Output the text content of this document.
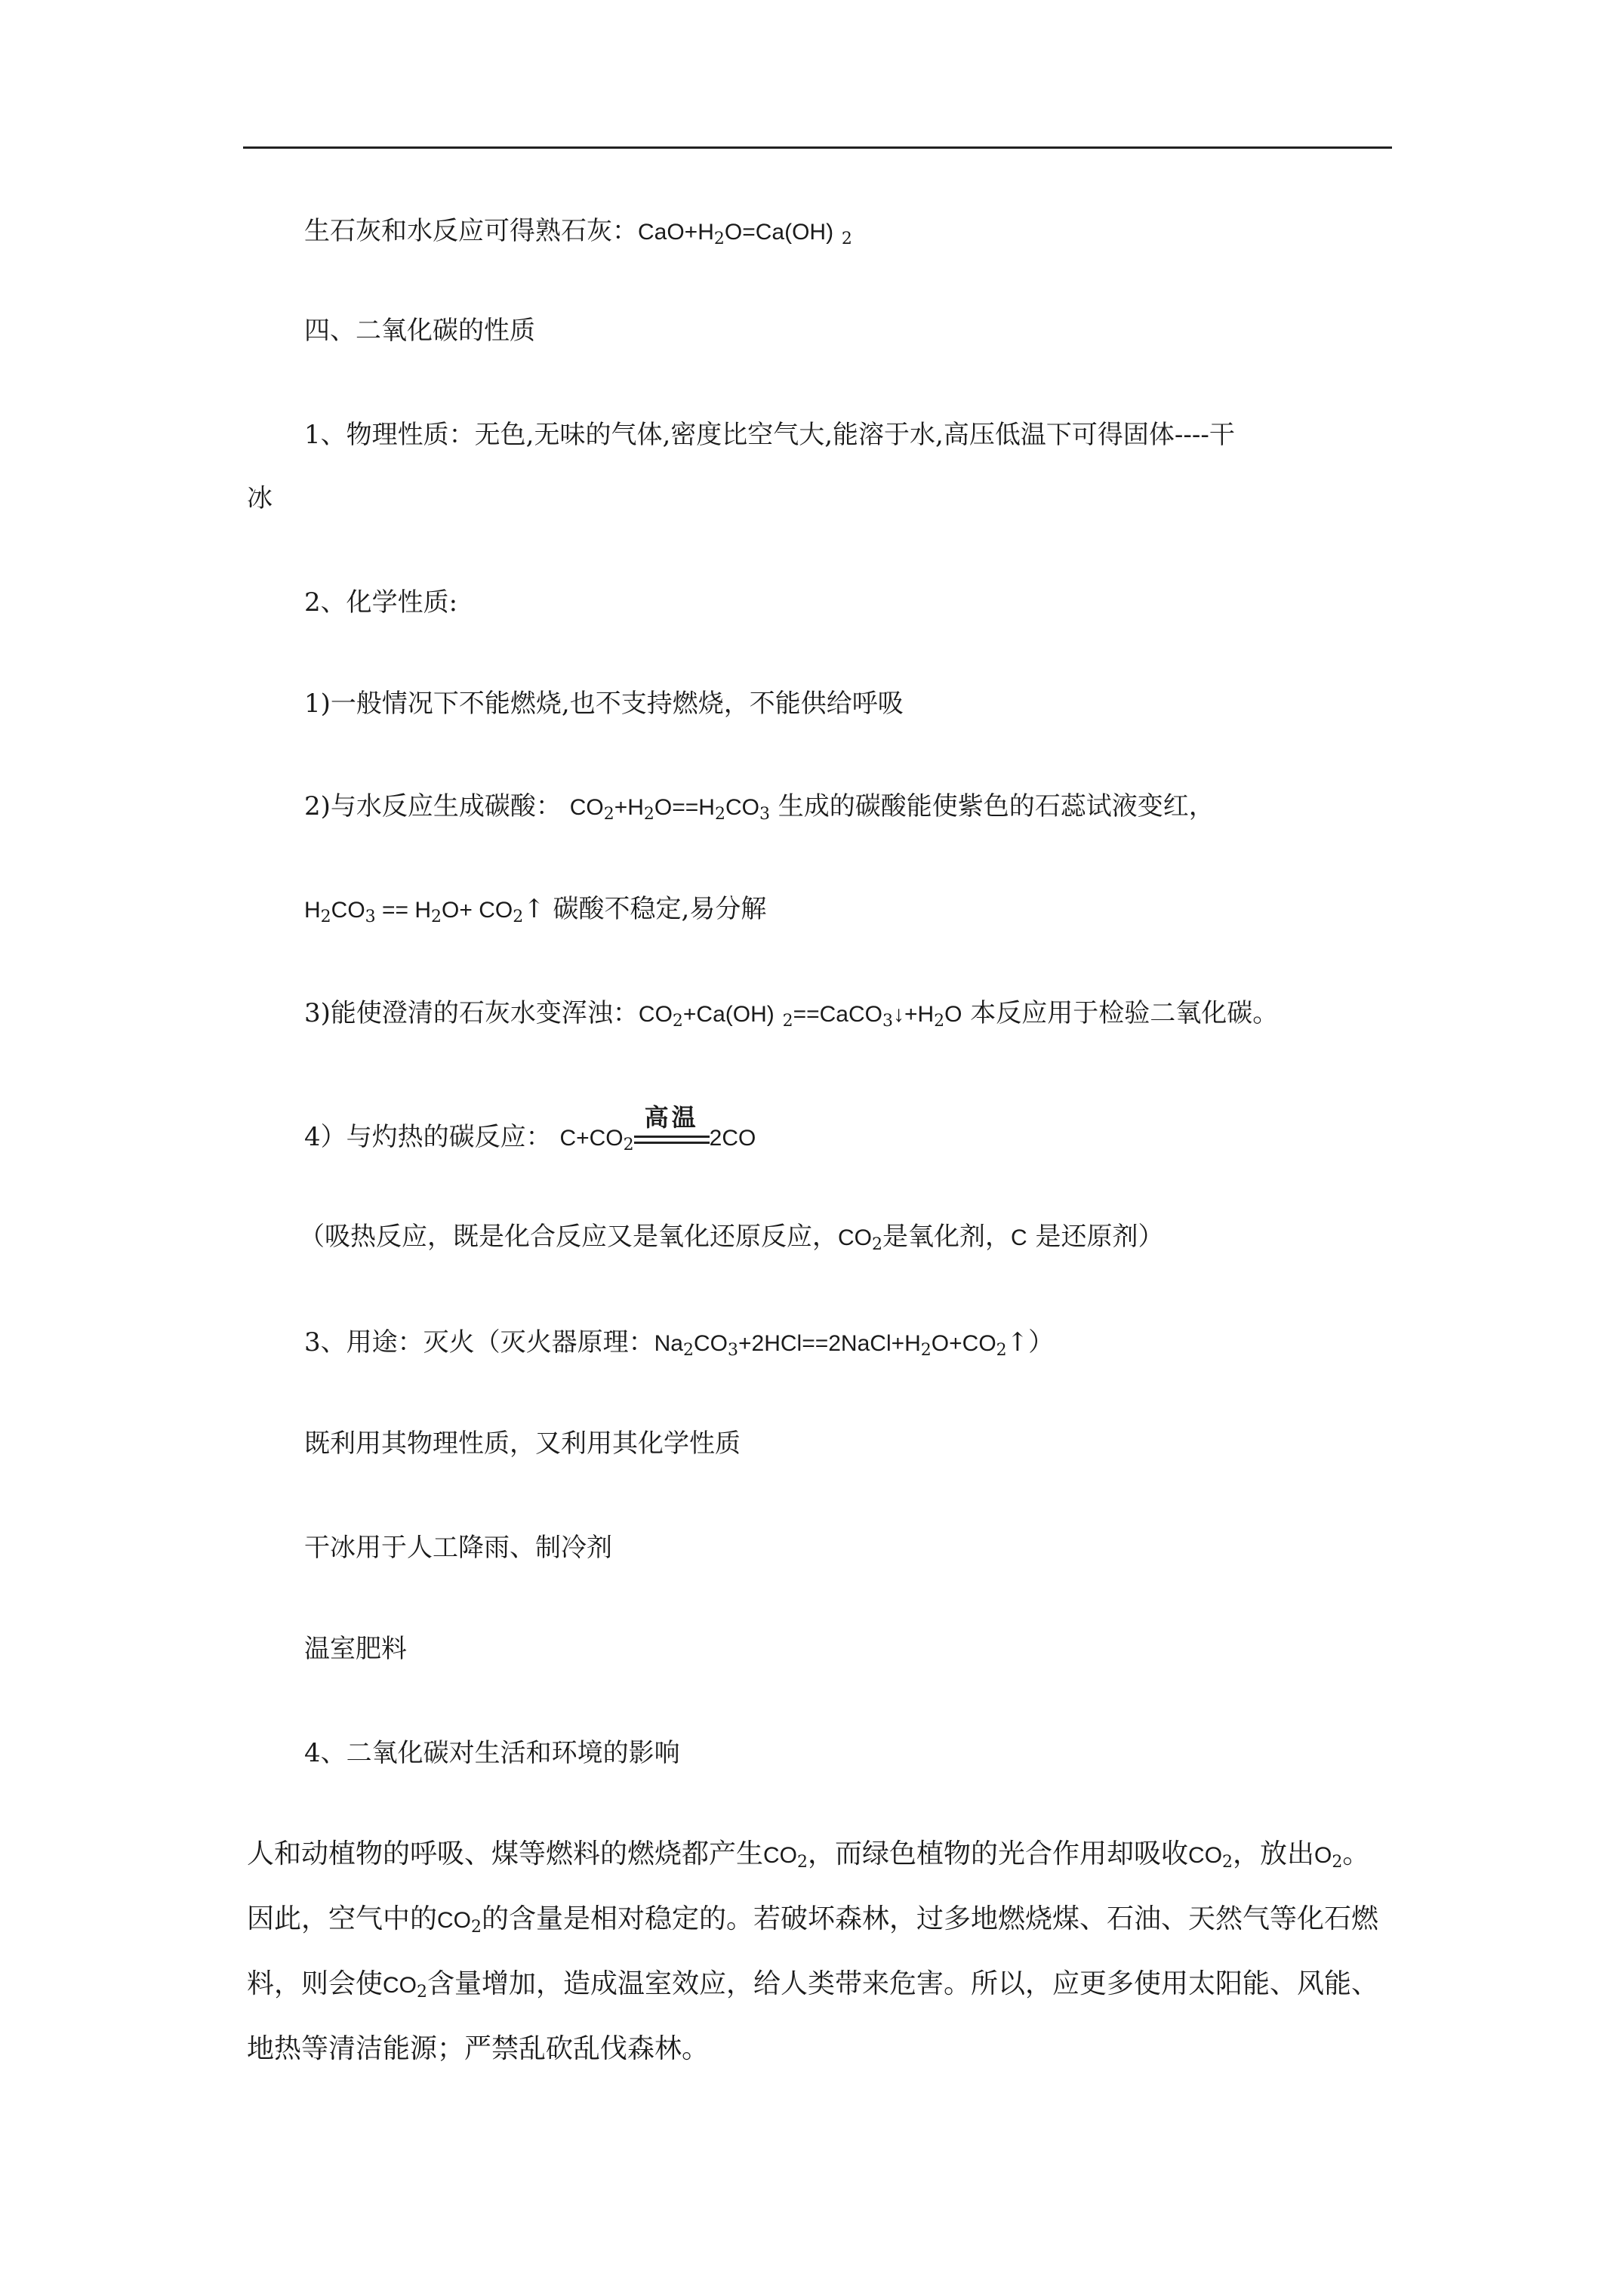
生石灰和水反应可得熟石灰：$CaO+H_2O=Ca(OH)$ $_2$
四、二氧化碳的性质
1、物理性质：无色,无味的气体,密度比空气大,能溶于水,高压低温下可得固体----干
冰
2、化学性质:
1)一般情况下不能燃烧,也不支持燃烧，不能供给呼吸
2)与水反应生成碳酸： $CO_2+H_2O==H_2CO_3$ 生成的碳酸能使紫色的石蕊试液变红，
$H_2CO_3 == H_2O+$ $CO_2↑$ 碳酸不稳定,易分解
3)能使澄清的石灰水变浑浊：$CO_2+Ca(OH)$ $_2==CaCO_3↓+H_2O$ 本反应用于检验二氧化碳。
4）与灼热的碳反应： $C+CO_2$
高温
2CO
（吸热反应，既是化合反应又是氧化还原反应，$CO_2$是氧化剂，C 是还原剂）
3、用途：灭火（灭火器原理：$Na_2CO_3+2HCl==2NaCl+H_2O+CO_2↑$）
既利用其物理性质，又利用其化学性质
干冰用于人工降雨、制冷剂
温室肥料
4、二氧化碳对生活和环境的影响
人和动植物的呼吸、煤等燃料的燃烧都产生$CO_2$，而绿色植物的光合作用却吸收$CO_2$，放出$O_2$。因此，空气中的$CO_2$的含量是相对稳定的。若破坏森林，过多地燃烧煤、石油、天然气等化石燃料，则会使$CO_2$含量增加，造成温室效应，给人类带来危害。所以，应更多使用太阳能、风能、地热等清洁能源；严禁乱砍乱伐森林。
